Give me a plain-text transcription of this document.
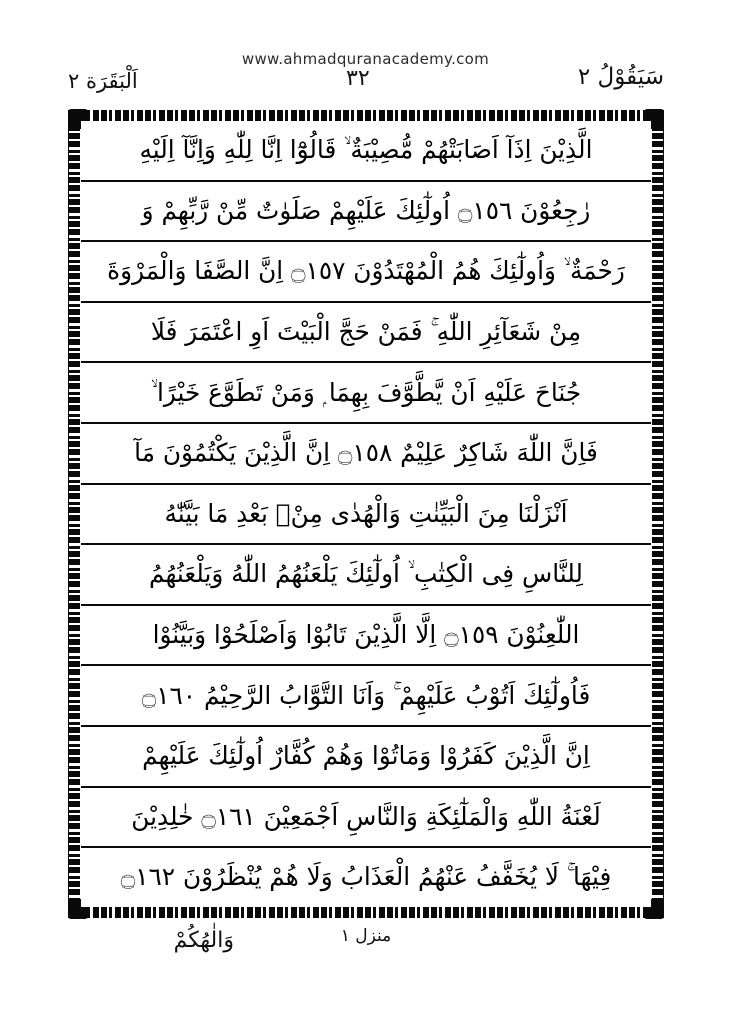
www.ahmadquranacademy.com
سَيَقُوْلُ ٢
٣٢
اَلْبَقَرَة ٢
الَّذِيْنَ اِذَآ اَصَابَتْهُمْ مُّصِيْبَةٌ ۙ قَالُوْٓا اِنَّا لِلّٰهِ وَاِنَّآ اِلَيْهِ
رٰجِعُوْنَ ۝١٥٦ اُولٰٓئِكَ عَلَيْهِمْ صَلَوٰتٌ مِّنْ رَّبِّهِمْ وَ
رَحْمَةٌ ۙ وَاُولٰٓئِكَ هُمُ الْمُهْتَدُوْنَ ۝١٥٧ اِنَّ الصَّفَا وَالْمَرْوَةَ
مِنْ شَعَآئِرِ اللّٰهِ ۚ فَمَنْ حَجَّ الْبَيْتَ اَوِ اعْتَمَرَ فَلَا
جُنَاحَ عَلَيْهِ اَنْ يَّطَّوَّفَ بِهِمَا ۭ وَمَنْ تَطَوَّعَ خَيْرًا ۙ
فَاِنَّ اللّٰهَ شَاكِرٌ عَلِيْمٌ ۝١٥٨ اِنَّ الَّذِيْنَ يَكْتُمُوْنَ مَآ
اَنْزَلْنَا مِنَ الْبَيِّنٰتِ وَالْهُدٰى مِنْۢ بَعْدِ مَا بَيَّنّٰهُ
لِلنَّاسِ فِى الْكِتٰبِ ۙ اُولٰٓئِكَ يَلْعَنُهُمُ اللّٰهُ وَيَلْعَنُهُمُ
اللّٰعِنُوْنَ ۝١٥٩ اِلَّا الَّذِيْنَ تَابُوْا وَاَصْلَحُوْا وَبَيَّنُوْا
فَاُولٰٓئِكَ اَتُوْبُ عَلَيْهِمْ ۚ وَاَنَا التَّوَّابُ الرَّحِيْمُ ۝١٦٠
اِنَّ الَّذِيْنَ كَفَرُوْا وَمَاتُوْا وَهُمْ كُفَّارٌ اُولٰٓئِكَ عَلَيْهِمْ
لَعْنَةُ اللّٰهِ وَالْمَلٰٓئِكَةِ وَالنَّاسِ اَجْمَعِيْنَ ۝١٦١ خٰلِدِيْنَ
فِيْهَا ۚ لَا يُخَفَّفُ عَنْهُمُ الْعَذَابُ وَلَا هُمْ يُنْظَرُوْنَ ۝١٦٢
وَالٰهُكُمْ	منزل ١
